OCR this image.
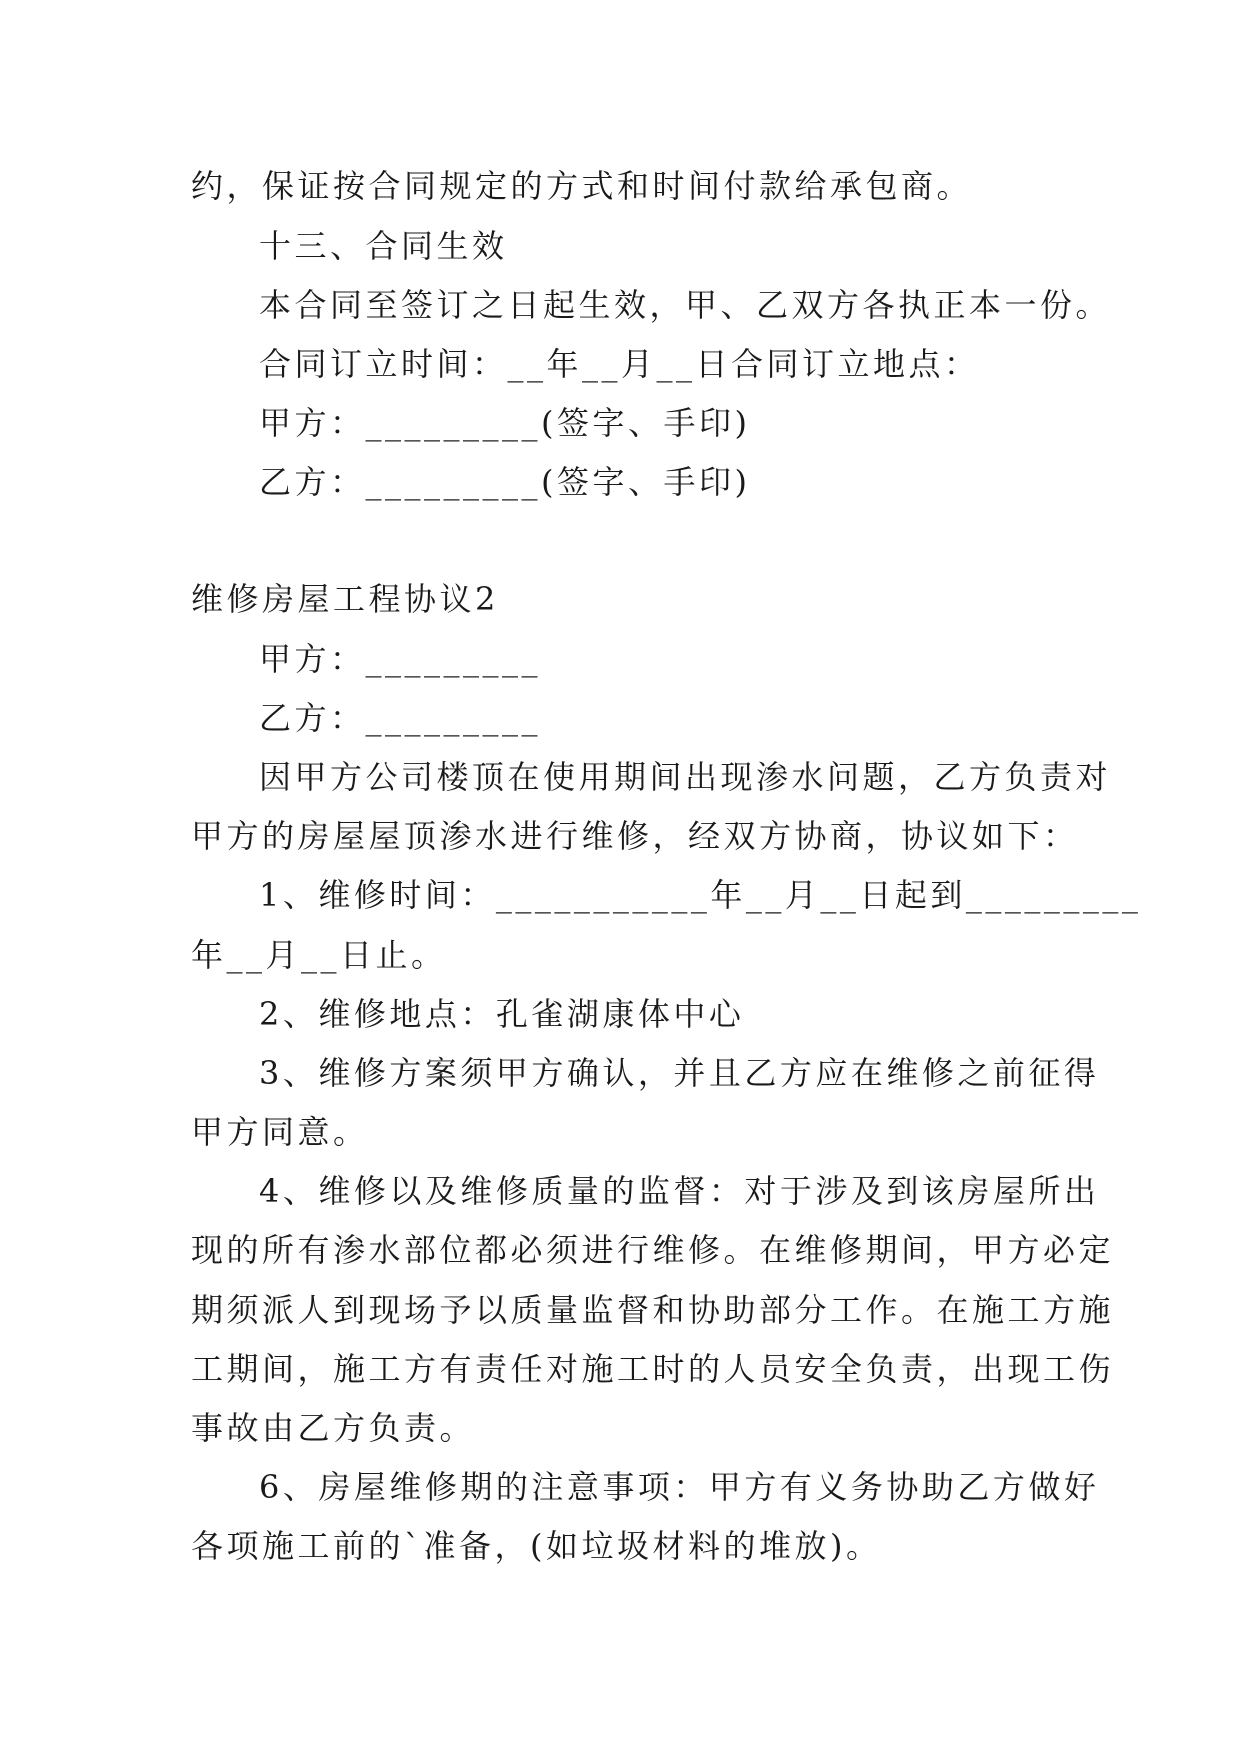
约，保证按合同规定的方式和时间付款给承包商。
十三、合同生效
本合同至签订之日起生效，甲、乙双方各执正本一份。
合同订立时间：__年__月__日合同订立地点：
甲方：_________(签字、手印)
乙方：_________(签字、手印)
维修房屋工程协议2
甲方：_________
乙方：_________
因甲方公司楼顶在使用期间出现渗水问题，乙方负责对
甲方的房屋屋顶渗水进行维修，经双方协商，协议如下：
1、维修时间：___________年__月__日起到_________
年__月__日止。
2、维修地点：孔雀湖康体中心
3、维修方案须甲方确认，并且乙方应在维修之前征得
甲方同意。
4、维修以及维修质量的监督：对于涉及到该房屋所出
现的所有渗水部位都必须进行维修。在维修期间，甲方必定
期须派人到现场予以质量监督和协助部分工作。在施工方施
工期间，施工方有责任对施工时的人员安全负责，出现工伤
事故由乙方负责。
6、房屋维修期的注意事项：甲方有义务协助乙方做好
各项施工前的`准备，(如垃圾材料的堆放)。
